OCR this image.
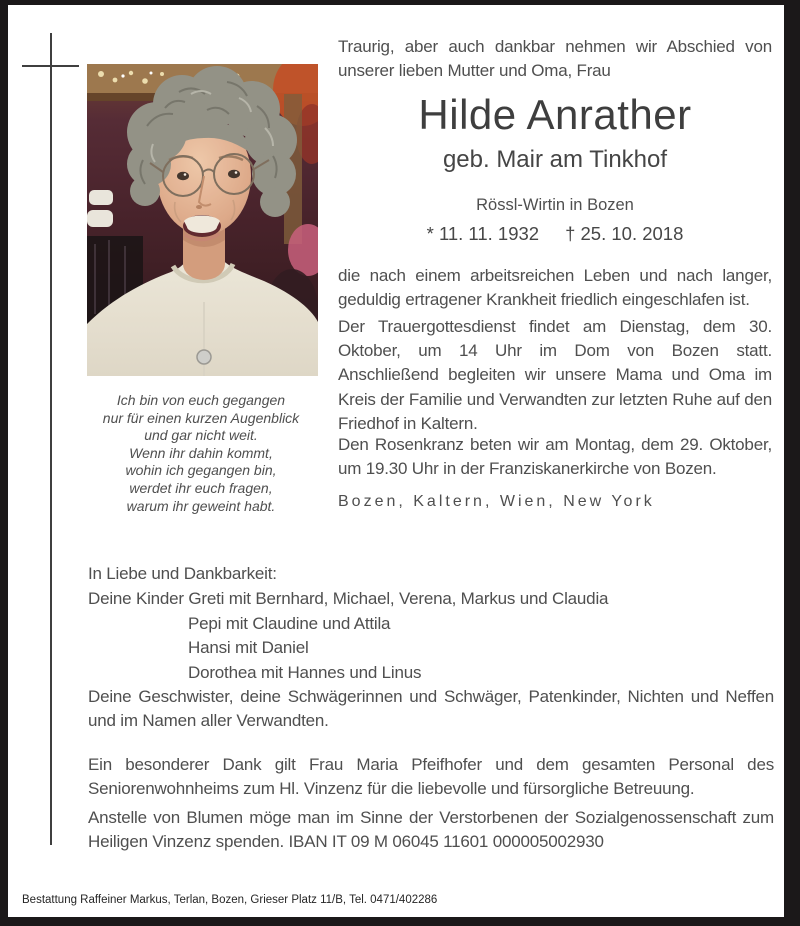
Ich bin von euch gegangen
nur für einen kurzen Augenblick
und gar nicht weit.
Wenn ihr dahin kommt,
wohin ich gegangen bin,
werdet ihr euch fragen,
warum ihr geweint habt.
Traurig, aber auch dankbar nehmen wir Abschied von unserer lieben Mutter und Oma, Frau
Hilde Anrather
geb. Mair am Tinkhof
Rössl-Wirtin in Bozen
* 11. 11. 1932 † 25. 10. 2018
die nach einem arbeitsreichen Leben und nach langer, geduldig ertragener Krankheit friedlich eingeschlafen ist.
Der Trauergottesdienst findet am Dienstag, dem 30. Oktober, um 14 Uhr im Dom von Bozen statt. Anschließend begleiten wir unsere Mama und Oma im Kreis der Familie und Verwandten zur letzten Ruhe auf den Friedhof in Kaltern.
Den Rosenkranz beten wir am Montag, dem 29. Oktober, um 19.30 Uhr in der Franziskanerkirche von Bozen.
Bozen, Kaltern, Wien, New York
In Liebe und Dankbarkeit:
Deine Kinder Greti mit Bernhard, Michael, Verena, Markus und Claudia
Pepi mit Claudine und Attila
Hansi mit Daniel
Dorothea mit Hannes und Linus
Deine Geschwister, deine Schwägerinnen und Schwäger, Patenkinder, Nichten und Neffen und im Namen aller Verwandten.
Ein besonderer Dank gilt Frau Maria Pfeifhofer und dem gesamten Personal des Seniorenwohnheims zum Hl. Vinzenz für die liebevolle und fürsorgliche Betreuung.
Anstelle von Blumen möge man im Sinne der Verstorbenen der Sozialgenossenschaft zum Heiligen Vinzenz spenden. IBAN IT 09 M 06045 11601 000005002930
Bestattung Raffeiner Markus, Terlan, Bozen, Grieser Platz 11/B, Tel. 0471/402286
